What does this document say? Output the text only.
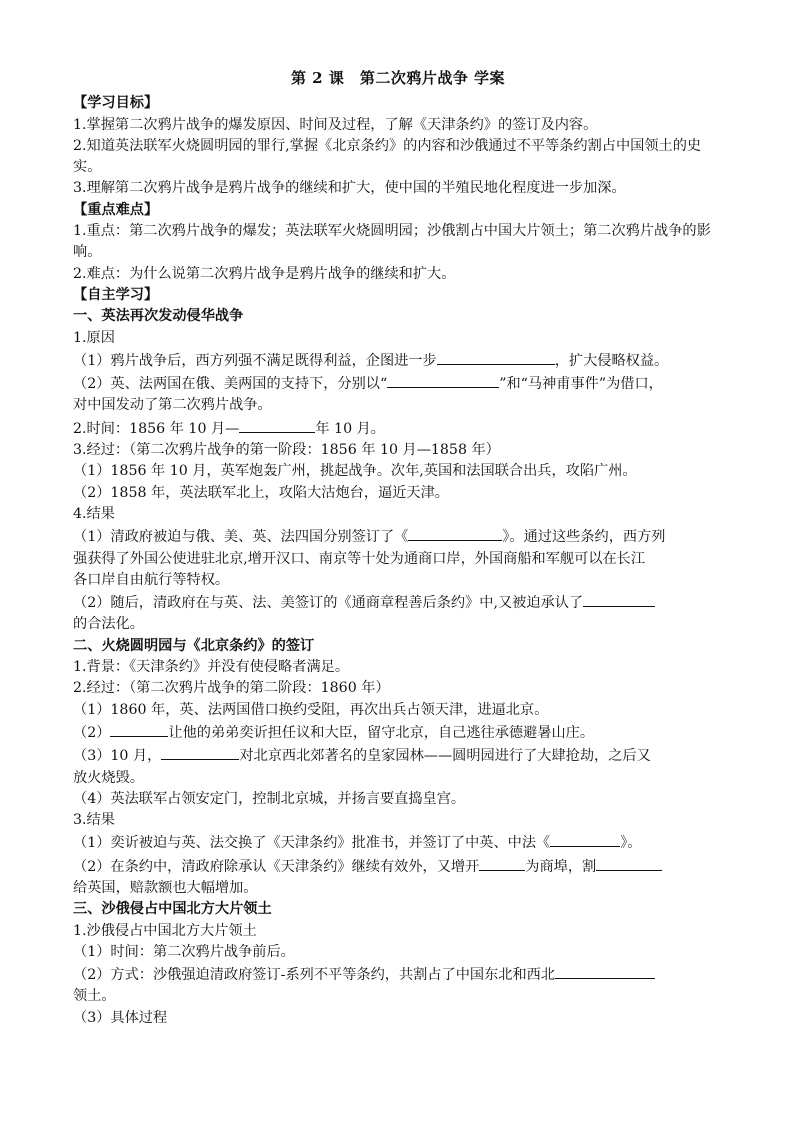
第 2 课　第二次鸦片战争 学案
【学习目标】
1.掌握第二次鸦片战争的爆发原因、时间及过程，了解《天津条约》的签订及内容。
2.知道英法联军火烧圆明园的罪行,掌握《北京条约》的内容和沙俄通过不平等条约割占中国领土的史实。
3.理解第二次鸦片战争是鸦片战争的继续和扩大，使中国的半殖民地化程度进一步加深。
【重点难点】
1.重点：第二次鸦片战争的爆发；英法联军火烧圆明园；沙俄割占中国大片领土；第二次鸦片战争的影响。
2.难点：为什么说第二次鸦片战争是鸦片战争的继续和扩大。
【自主学习】
一、英法再次发动侵华战争
1.原因
（1）鸦片战争后，西方列强不满足既得利益，企图进一步	，扩大侵略权益。
（2）英、法两国在俄、美两国的支持下，分别以“	”和“马神甫事件”为借口，
对中国发动了第二次鸦片战争。
2.时间：1856 年 10 月—	年 10 月。
3.经过：（第二次鸦片战争的第一阶段：1856 年 10 月—1858 年）
（1）1856 年 10 月，英军炮轰广州，挑起战争。次年,英国和法国联合出兵，攻陷广州。
（2）1858 年，英法联军北上，攻陷大沽炮台，逼近天津。
4.结果
（1）清政府被迫与俄、美、英、法四国分别签订了《	》。通过这些条约，西方列
强获得了外国公使进驻北京,增开汉口、南京等十处为通商口岸，外国商船和军舰可以在长江
各口岸自由航行等特权。
（2）随后，清政府在与英、法、美签订的《通商章程善后条约》中,又被迫承认了
的合法化。
二、火烧圆明园与《北京条约》的签订
1.背景：《天津条约》并没有使侵略者满足。
2.经过：（第二次鸦片战争的第二阶段：1860 年）
（1）1860 年，英、法两国借口换约受阻，再次出兵占领天津，进逼北京。
（2）	让他的弟弟奕䜣担任议和大臣，留守北京，自己逃往承德避暑山庄。
（3）10 月，	对北京西北郊著名的皇家园林——圆明园进行了大肆抢劫，之后又
放火烧毁。
（4）英法联军占领安定门，控制北京城，并扬言要直捣皇宫。
3.结果
（1）奕䜣被迫与英、法交换了《天津条约》批准书，并签订了中英、中法《	》。
（2）在条约中，清政府除承认《天津条约》继续有效外，又增开	为商埠，割
给英国，赔款额也大幅增加。
三、沙俄侵占中国北方大片领土
1.沙俄侵占中国北方大片领土
（1）时间：第二次鸦片战争前后。
（2）方式：沙俄强迫清政府签订-系列不平等条约，共割占了中国东北和西北
领土。
（3）具体过程
